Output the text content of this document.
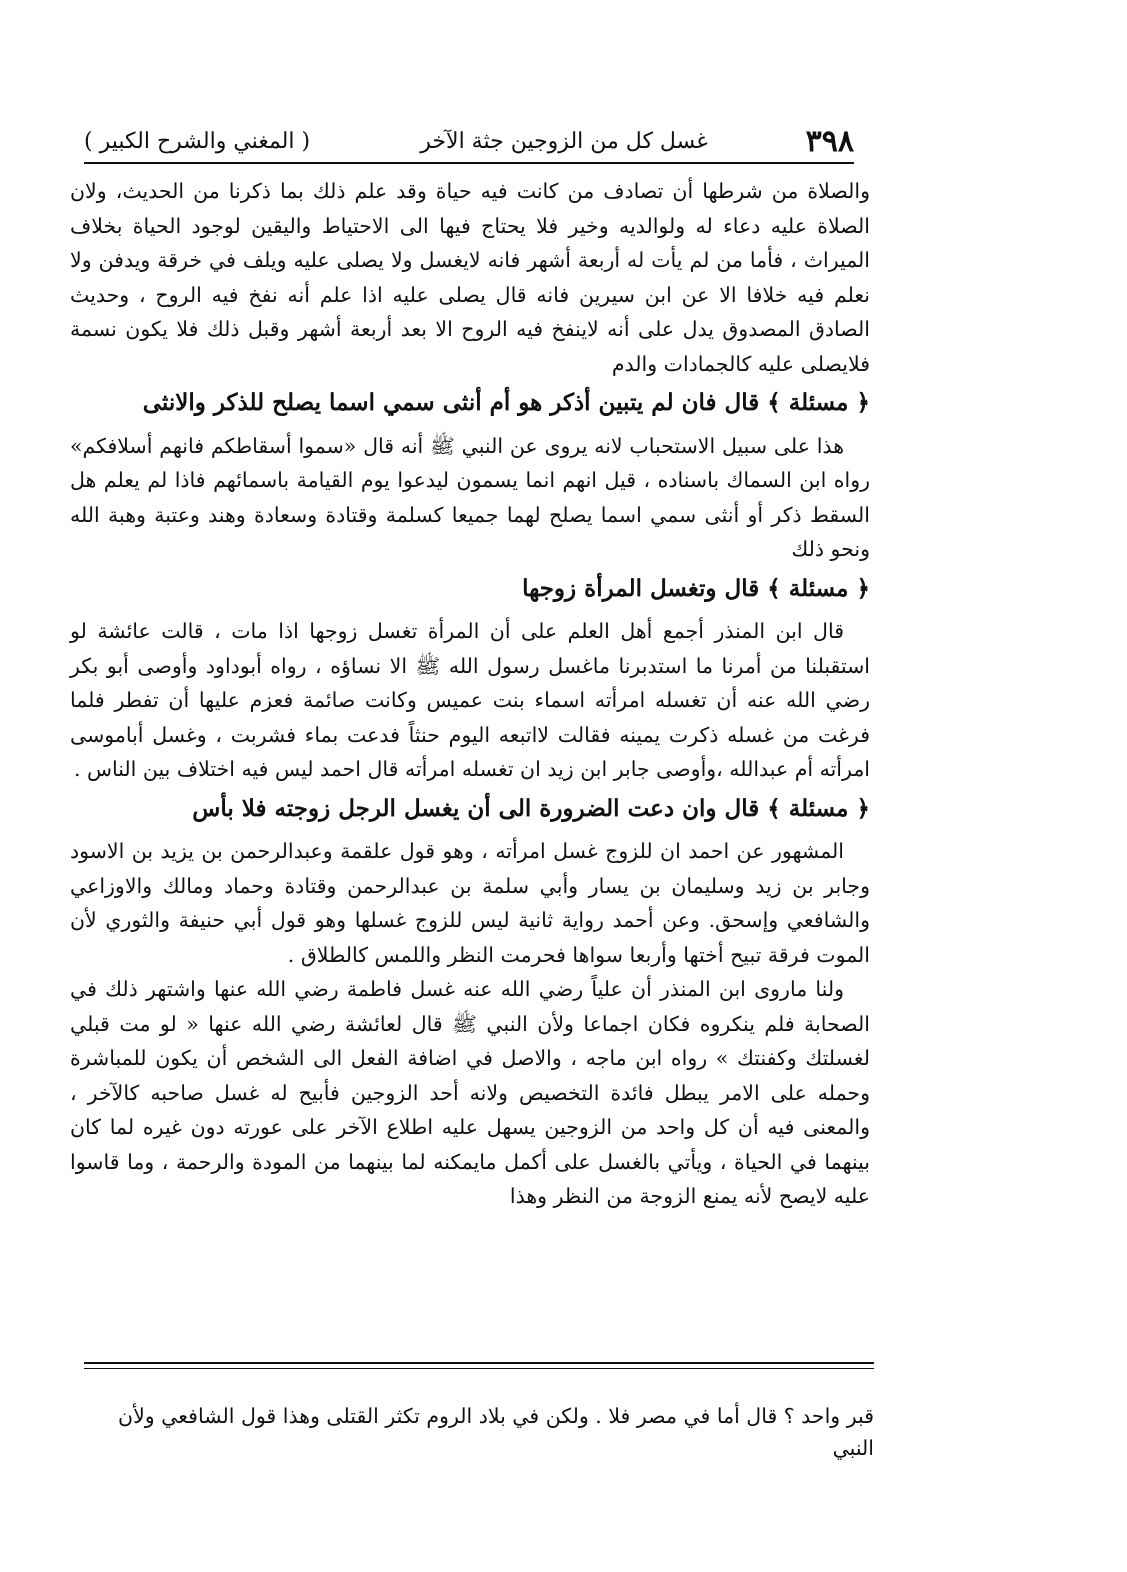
٣٩٨
غسل كل من الزوجين جثة الآخر
( المغني والشرح الكبير )

والصلاة من شرطها أن تصادف من كانت فيه حياة وقد علم ذلك بما ذكرنا من الحديث، ولان الصلاة عليه دعاء له ولوالديه وخير فلا يحتاج فيها الى الاحتياط واليقين لوجود الحياة بخلاف الميراث ، فأما من لم يأت له أربعة أشهر فانه لايغسل ولا يصلى عليه ويلف في خرقة ويدفن ولا نعلم فيه خلافا الا عن ابن سيرين فانه قال يصلى عليه اذا علم أنه نفخ فيه الروح ، وحديث الصادق المصدوق يدل على أنه لاينفخ فيه الروح الا بعد أربعة أشهر وقبل ذلك فلا يكون نسمة فلايصلى عليه كالجمادات والدم

﴿ مسئلة ﴾ قال فان لم يتبين أذكر هو أم أنثى سمي اسما يصلح للذكر والانثى

هذا على سبيل الاستحباب لانه يروى عن النبي ﷺ أنه قال «سموا أسقاطكم فانهم أسلافكم» رواه ابن السماك باسناده ، قيل انهم انما يسمون ليدعوا يوم القيامة باسمائهم فاذا لم يعلم هل السقط ذكر أو أنثى سمي اسما يصلح لهما جميعا كسلمة وقتادة وسعادة وهند وعتبة وهبة الله ونحو ذلك

﴿ مسئلة ﴾ قال وتغسل المرأة زوجها

قال ابن المنذر أجمع أهل العلم على أن المرأة تغسل زوجها اذا مات ، قالت عائشة لو استقبلنا من أمرنا ما استدبرنا ماغسل رسول الله ﷺ الا نساؤه ، رواه أبوداود وأوصى أبو بكر رضي الله عنه أن تغسله امرأته اسماء بنت عميس وكانت صائمة فعزم عليها أن تفطر فلما فرغت من غسله ذكرت يمينه فقالت لااتبعه اليوم حنثاً فدعت بماء فشربت ، وغسل أباموسى امرأته أم عبدالله ،وأوصى جابر ابن زيد ان تغسله امرأته قال احمد ليس فيه اختلاف بين الناس .

﴿ مسئلة ﴾ قال وان دعت الضرورة الى أن يغسل الرجل زوجته فلا بأس

المشهور عن احمد ان للزوج غسل امرأته ، وهو قول علقمة وعبدالرحمن بن يزيد بن الاسود وجابر بن زيد وسليمان بن يسار وأبي سلمة بن عبدالرحمن وقتادة وحماد ومالك والاوزاعي والشافعي وإسحق. وعن أحمد رواية ثانية ليس للزوج غسلها وهو قول أبي حنيفة والثوري لأن الموت فرقة تبيح أختها وأربعا سواها فحرمت النظر واللمس كالطلاق .

ولنا ماروى ابن المنذر أن علياً رضي الله عنه غسل فاطمة رضي الله عنها واشتهر ذلك في الصحابة فلم ينكروه فكان اجماعا ولأن النبي ﷺ قال لعائشة رضي الله عنها « لو مت قبلي لغسلتك وكفنتك » رواه ابن ماجه ، والاصل في اضافة الفعل الى الشخص أن يكون للمباشرة وحمله على الامر يبطل فائدة التخصيص ولانه أحد الزوجين فأبيح له غسل صاحبه كالآخر ، والمعنى فيه أن كل واحد من الزوجين يسهل عليه اطلاع الآخر على عورته دون غيره لما كان بينهما في الحياة ، ويأتي بالغسل على أكمل مايمكنه لما بينهما من المودة والرحمة ، وما قاسوا عليه لايصح لأنه يمنع الزوجة من النظر وهذا

قبر واحد ؟ قال أما في مصر فلا . ولكن في بلاد الروم تكثر القتلى وهذا قول الشافعي ولأن النبي
